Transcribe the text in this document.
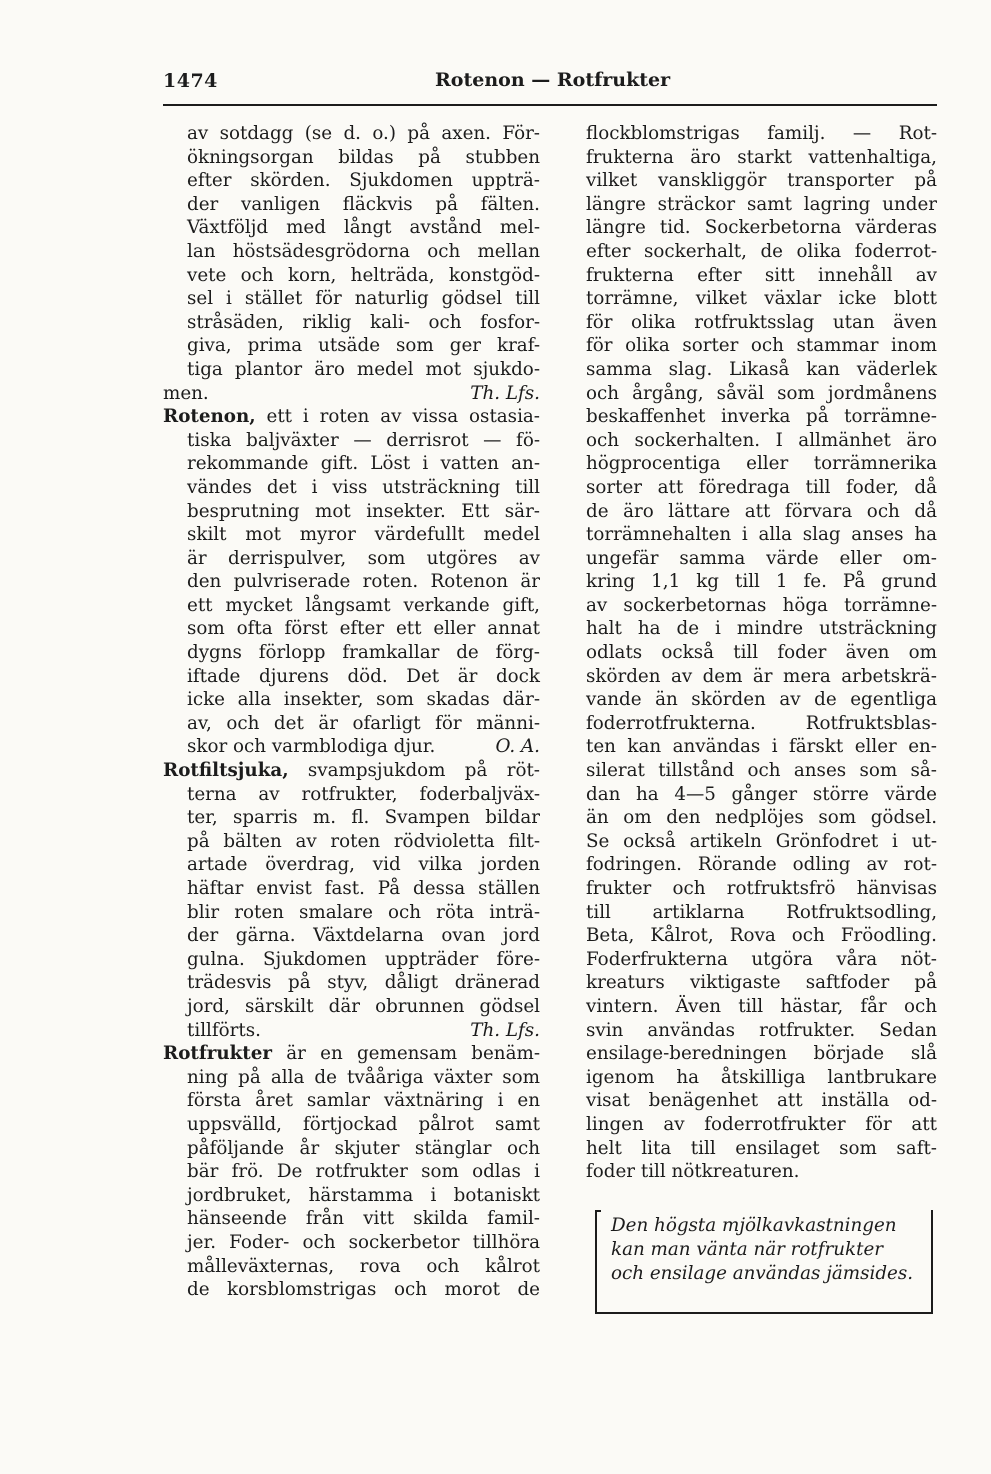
1474	Rotenon — Rotfrukter
av sotdagg (se d. o.) på axen. För-
ökningsorgan bildas på stubben
efter skörden. Sjukdomen uppträ-
der vanligen fläckvis på fälten.
Växtföljd med långt avstånd mel-
lan höstsädesgrödorna och mellan
vete och korn, helträda, konstgöd-
sel i stället för naturlig gödsel till
stråsäden, riklig kali- och fosfor-
giva, prima utsäde som ger kraf-
tiga plantor äro medel mot sjukdo-
men.	Th. Lfs.
Rotenon, ett i roten av vissa ostasia-
tiska baljväxter — derrisrot — fö-
rekommande gift. Löst i vatten an-
vändes det i viss utsträckning till
besprutning mot insekter. Ett sär-
skilt mot myror värdefullt medel
är derrispulver, som utgöres av
den pulvriserade roten. Rotenon är
ett mycket långsamt verkande gift,
som ofta först efter ett eller annat
dygns förlopp framkallar de förg-
iftade djurens död. Det är dock
icke alla insekter, som skadas där-
av, och det är ofarligt för männi-
skor och varmblodiga djur.	O. A.
Rotfiltsjuka, svampsjukdom på röt-
terna av rotfrukter, foderbaljväx-
ter, sparris m. fl. Svampen bildar
på bälten av roten rödvioletta filt-
artade överdrag, vid vilka jorden
häftar envist fast. På dessa ställen
blir roten smalare och röta inträ-
der gärna. Växtdelarna ovan jord
gulna. Sjukdomen uppträder före-
trädesvis på styv, dåligt dränerad
jord, särskilt där obrunnen gödsel
tillförts.	Th. Lfs.
Rotfrukter är en gemensam benäm-
ning på alla de tvååriga växter som
första året samlar växtnäring i en
uppsvälld, förtjockad pålrot samt
påföljande år skjuter stänglar och
bär frö. De rotfrukter som odlas i
jordbruket, härstamma i botaniskt
hänseende från vitt skilda famil-
jer. Foder- och sockerbetor tillhöra
målleväxternas, rova och kålrot
de korsblomstrigas och morot de
flockblomstrigas familj. — Rot-
frukterna äro starkt vattenhaltiga,
vilket vanskliggör transporter på
längre sträckor samt lagring under
längre tid. Sockerbetorna värderas
efter sockerhalt, de olika foderrot-
frukterna efter sitt innehåll av
torrämne, vilket växlar icke blott
för olika rotfruktsslag utan även
för olika sorter och stammar inom
samma slag. Likaså kan väderlek
och årgång, såväl som jordmånens
beskaffenhet inverka på torrämne-
och sockerhalten. I allmänhet äro
högprocentiga eller torrämnerika
sorter att föredraga till foder, då
de äro lättare att förvara och då
torrämnehalten i alla slag anses ha
ungefär samma värde eller om-
kring 1,1 kg till 1 fe. På grund
av sockerbetornas höga torrämne-
halt ha de i mindre utsträckning
odlats också till foder även om
skörden av dem är mera arbetskrä-
vande än skörden av de egentliga
foderrotfrukterna. Rotfruktsblas-
ten kan användas i färskt eller en-
silerat tillstånd och anses som så-
dan ha 4—5 gånger större värde
än om den nedplöjes som gödsel.
Se också artikeln Grönfodret i ut-
fodringen. Rörande odling av rot-
frukter och rotfruktsfrö hänvisas
till artiklarna Rotfruktsodling,
Beta, Kålrot, Rova och Fröodling.
Foderfrukterna utgöra våra nöt-
kreaturs viktigaste saftfoder på
vintern. Även till hästar, får och
svin användas rotfrukter. Sedan
ensilage-beredningen började slå
igenom ha åtskilliga lantbrukare
visat benägenhet att inställa od-
lingen av foderrotfrukter för att
helt lita till ensilaget som saft-
foder till nötkreaturen.
Den högsta mjölkavkastningen kan man vänta när rotfrukter och ensilage användas jämsides.
